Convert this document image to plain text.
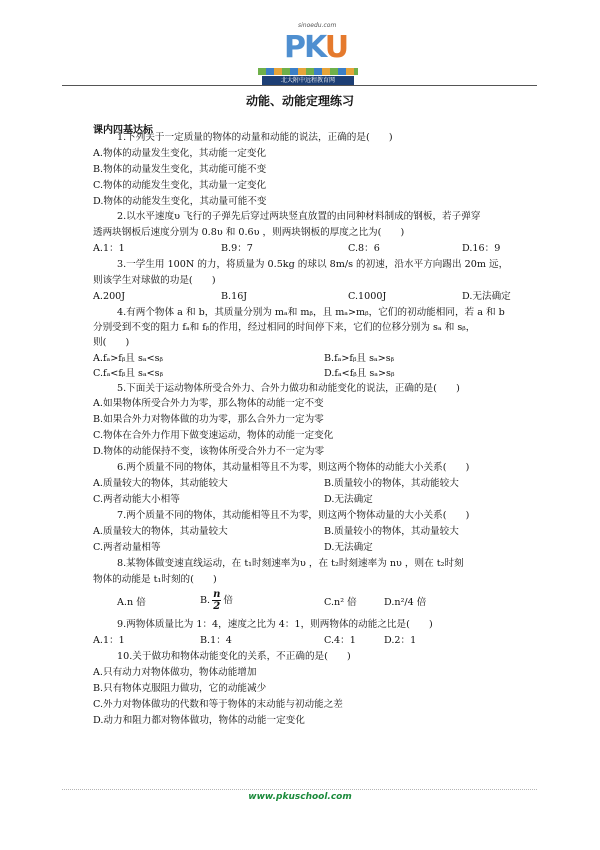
sinoedu.com
PKU
北大附中远程教育网
动能、动能定理练习
课内四基达标
1.下列关于一定质量的物体的动量和动能的说法，正确的是(　　)
A.物体的动量发生变化，其动能一定变化
B.物体的动量发生变化，其动能可能不变
C.物体的动能发生变化，其动量一定变化
D.物体的动能发生变化，其动量可能不变
2.以水平速度υ 飞行的子弹先后穿过两块竖直放置的由同种材料制成的钢板，若子弹穿
透两块钢板后速度分别为 0.8υ 和 0.6υ ，则两块钢板的厚度之比为(　　)
A.1：1	B.9：7	C.8：6	D.16：9
3.一学生用 100N 的力，将质量为 0.5kg 的球以 8m/s 的初速，沿水平方向踢出 20m 远，
则该学生对球做的功是(　　)
A.200J	B.16J	C.1000J	D.无法确定
4.有两个物体 a 和 b，其质量分别为 mₐ和 mᵦ，且 mₐ>mᵦ，它们的初动能相同，若 a 和 b
分别受到不变的阻力 fₐ和 fᵦ的作用，经过相同的时间停下来，它们的位移分别为 sₐ 和 sᵦ，
则(　　)
A.fₐ>fᵦ且 sₐ<sᵦ	B.fₐ>fᵦ且 sₐ>sᵦ
C.fₐ<fᵦ且 sₐ<sᵦ	D.fₐ<fᵦ且 sₐ>sᵦ
5.下面关于运动物体所受合外力、合外力做功和动能变化的说法，正确的是(　　)
A.如果物体所受合外力为零，那么物体的动能一定不变
B.如果合外力对物体做的功为零，那么合外力一定为零
C.物体在合外力作用下做变速运动，物体的动能一定变化
D.物体的动能保持不变，该物体所受合外力不一定为零
6.两个质量不同的物体，其动量相等且不为零，则这两个物体的动能大小关系(　　)
A.质量较大的物体，其动能较大	B.质量较小的物体，其动能较大
C.两者动能大小相等	D.无法确定
7.两个质量不同的物体，其动能相等且不为零，则这两个物体动量的大小关系(　　)
A.质量较大的物体，其动量较大	B.质量较小的物体，其动量较大
C.两者动量相等	D.无法确定
8.某物体做变速直线运动，在 t₁时刻速率为υ ，在 t₂时刻速率为 nυ ，则在 t₂时刻
物体的动能是 t₁时刻的(　　)
A.n 倍	B. $\frac{n}{2}$ 倍	C.n² 倍	D.n²/4 倍
9.两物体质量比为 1：4，速度之比为 4：1，则两物体的动能之比是(　　)
A.1：1	B.1：4	C.4：1	D.2：1
10.关于做功和物体动能变化的关系，不正确的是(　　)
A.只有动力对物体做功，物体动能增加
B.只有物体克服阻力做功，它的动能减少
C.外力对物体做功的代数和等于物体的末动能与初动能之差
D.动力和阻力都对物体做功，物体的动能一定变化
www.pkuschool.com
